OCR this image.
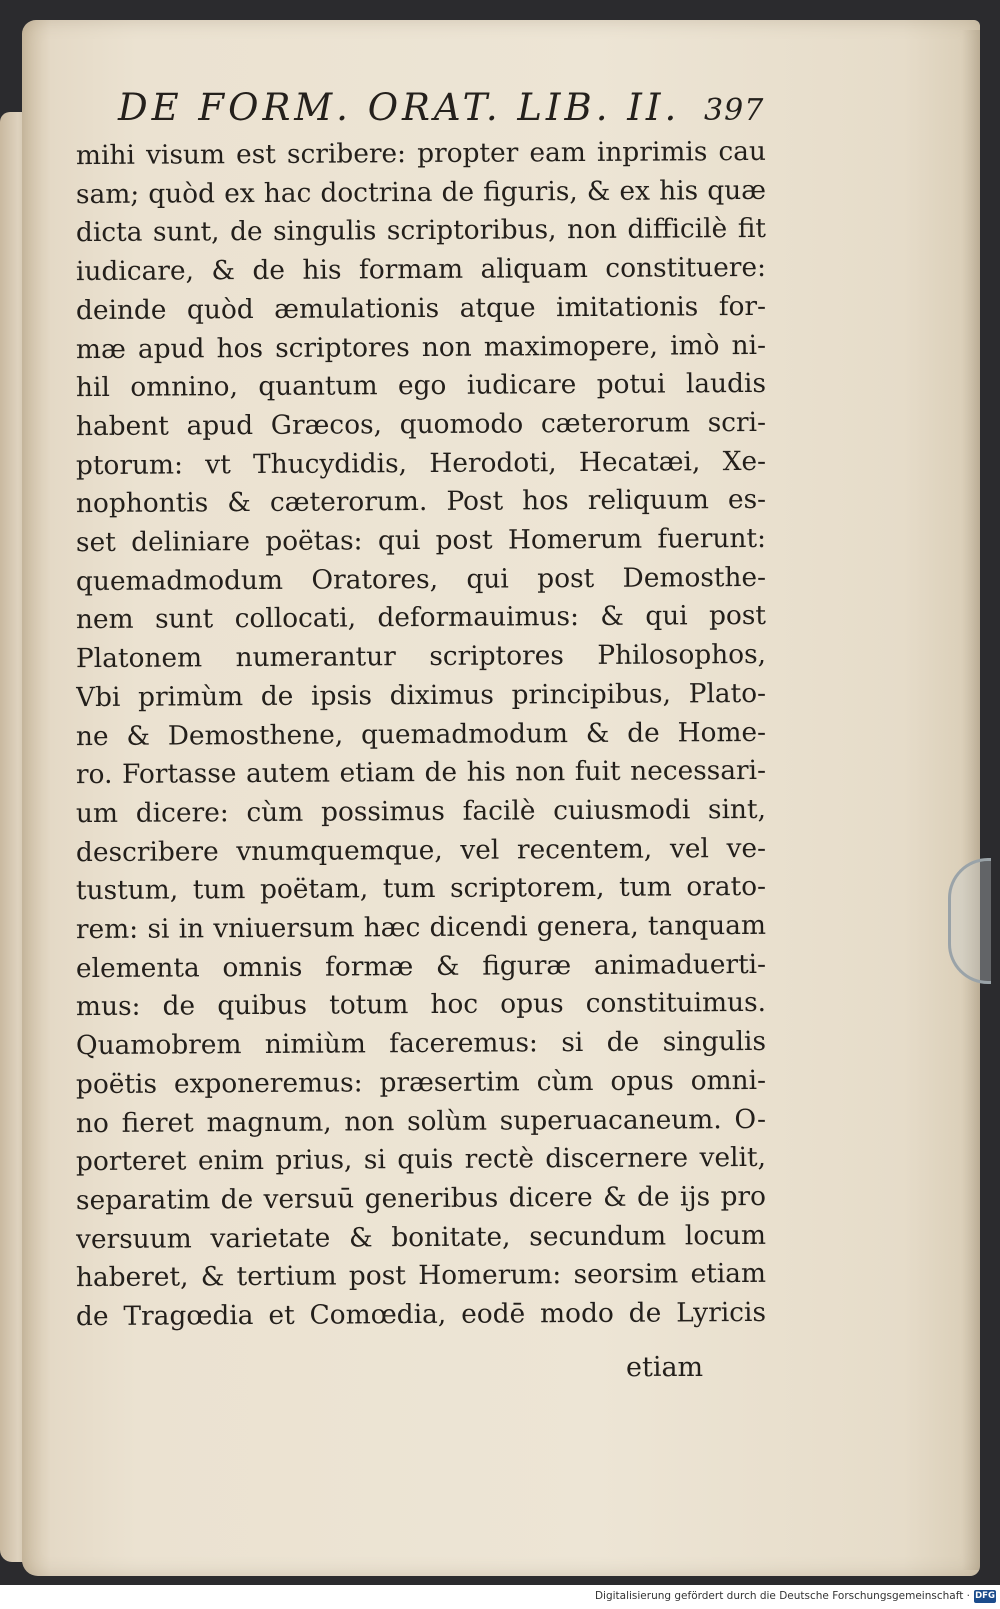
DE FORM. ORAT. LIB. II. 397
mihi visum est scribere: propter eam inprimis cau
sam; quòd ex hac doctrina de figuris, & ex his quæ
dicta sunt, de singulis scriptoribus, non difficilè fit
iudicare, & de his formam aliquam constituere:
deinde quòd æmulationis atque imitationis for-
mæ apud hos scriptores non maximopere, imò ni-
hil omnino, quantum ego iudicare potui laudis
habent apud Græcos, quomodo cæterorum scri-
ptorum: vt Thucydidis, Herodoti, Hecatæi, Xe-
nophontis & cæterorum. Post hos reliquum es-
set deliniare poëtas: qui post Homerum fuerunt:
quemadmodum Oratores, qui post Demosthe-
nem sunt collocati, deformauimus: & qui post
Platonem numerantur scriptores Philosophos,
Vbi primùm de ipsis diximus principibus, Plato-
ne & Demosthene, quemadmodum & de Home-
ro. Fortasse autem etiam de his non fuit necessari-
um dicere: cùm possimus facilè cuiusmodi sint,
describere vnumquemque, vel recentem, vel ve-
tustum, tum poëtam, tum scriptorem, tum orato-
rem: si in vniuersum hæc dicendi genera, tanquam
elementa omnis formæ & figuræ animaduerti-
mus: de quibus totum hoc opus constituimus.
Quamobrem nimiùm faceremus: si de singulis
poëtis exponeremus: præsertim cùm opus omni-
no fieret magnum, non solùm superuacaneum. O-
porteret enim prius, si quis rectè discernere velit,
separatim de versuū generibus dicere & de ijs pro
versuum varietate & bonitate, secundum locum
haberet, & tertium post Homerum: seorsim etiam
de Tragœdia et Comœdia, eodē modo de Lyricis
etiam
Digitalisierung gefördert durch die Deutsche Forschungsgemeinschaft · DFG
